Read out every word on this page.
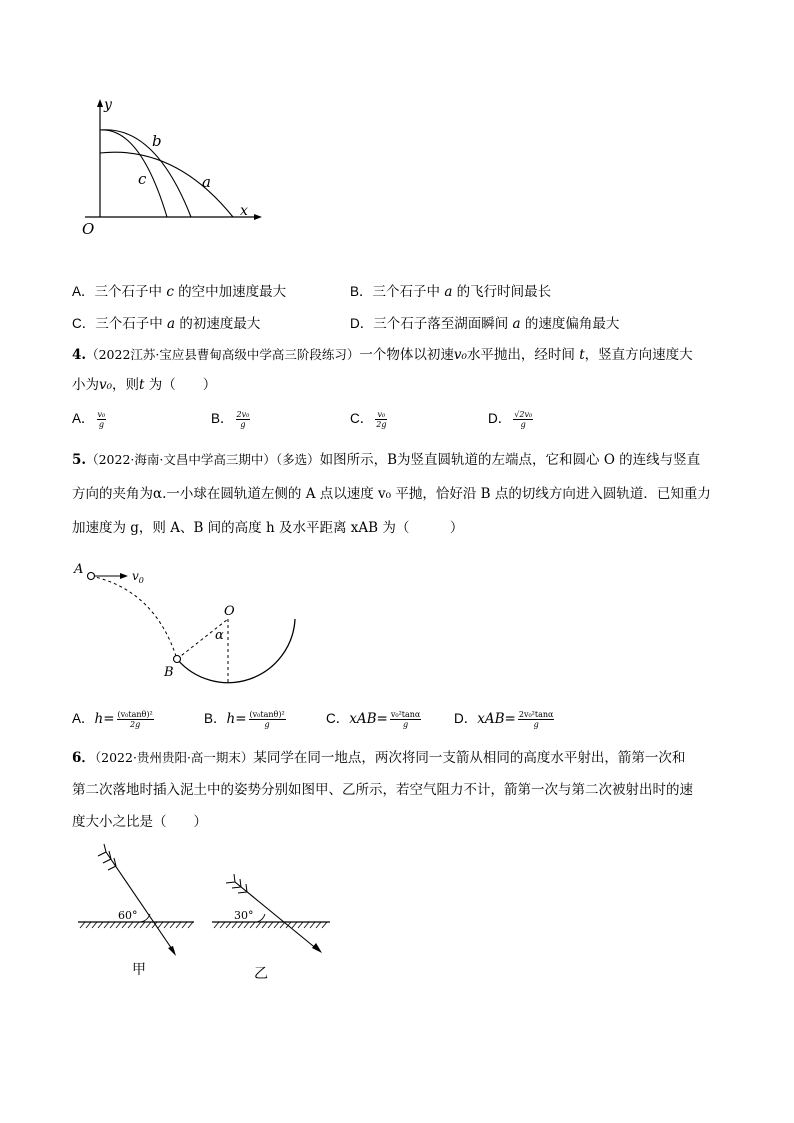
y
x
O
a
b
c
A．三个石子中 c 的空中加速度最大	B．三个石子中 a 的飞行时间最长
C．三个石子中 a 的初速度最大	D．三个石子落至湖面瞬间 a 的速度偏角最大
4.（2022江苏·宝应县曹甸高级中学高三阶段练习）一个物体以初速v₀水平抛出，经时间 t，竖直方向速度大
小为v₀，则t 为（　　）
A． $\frac{\text{v₀}}{g}$	B． $\frac{\text{2v₀}}{g}$	C． $\frac{\text{v₀}}{2g}$	D． $\frac{\text{√2v₀}}{g}$
5.（2022·海南·文昌中学高三期中）（多选）如图所示，B为竖直圆轨道的左端点，它和圆心 O 的连线与竖直
方向的夹角为α.一小球在圆轨道左侧的 A 点以速度 v₀ 平抛，恰好沿 B 点的切线方向进入圆轨道．已知重力
加速度为 g，则 A、B 间的高度 h 及水平距离 xAB 为（　　　）
A	$v_0$
O
α
B
A．$h= \frac{\text{(v₀tanθ)²}}{2g}$	B．$h= \frac{\text{(v₀tanθ)²}}{g}$	C．$xAB= \frac{\text{v₀²tanα}}{g}$ D．$xAB= \frac{\text{2v₀²tanα}}{g}$
6．（2022·贵州贵阳·高一期末）某同学在同一地点，两次将同一支箭从相同的高度水平射出，箭第一次和
第二次落地时插入泥土中的姿势分别如图甲、乙所示，若空气阻力不计，箭第一次与第二次被射出时的速
度大小之比是（　　）
60°
甲
30°
乙
